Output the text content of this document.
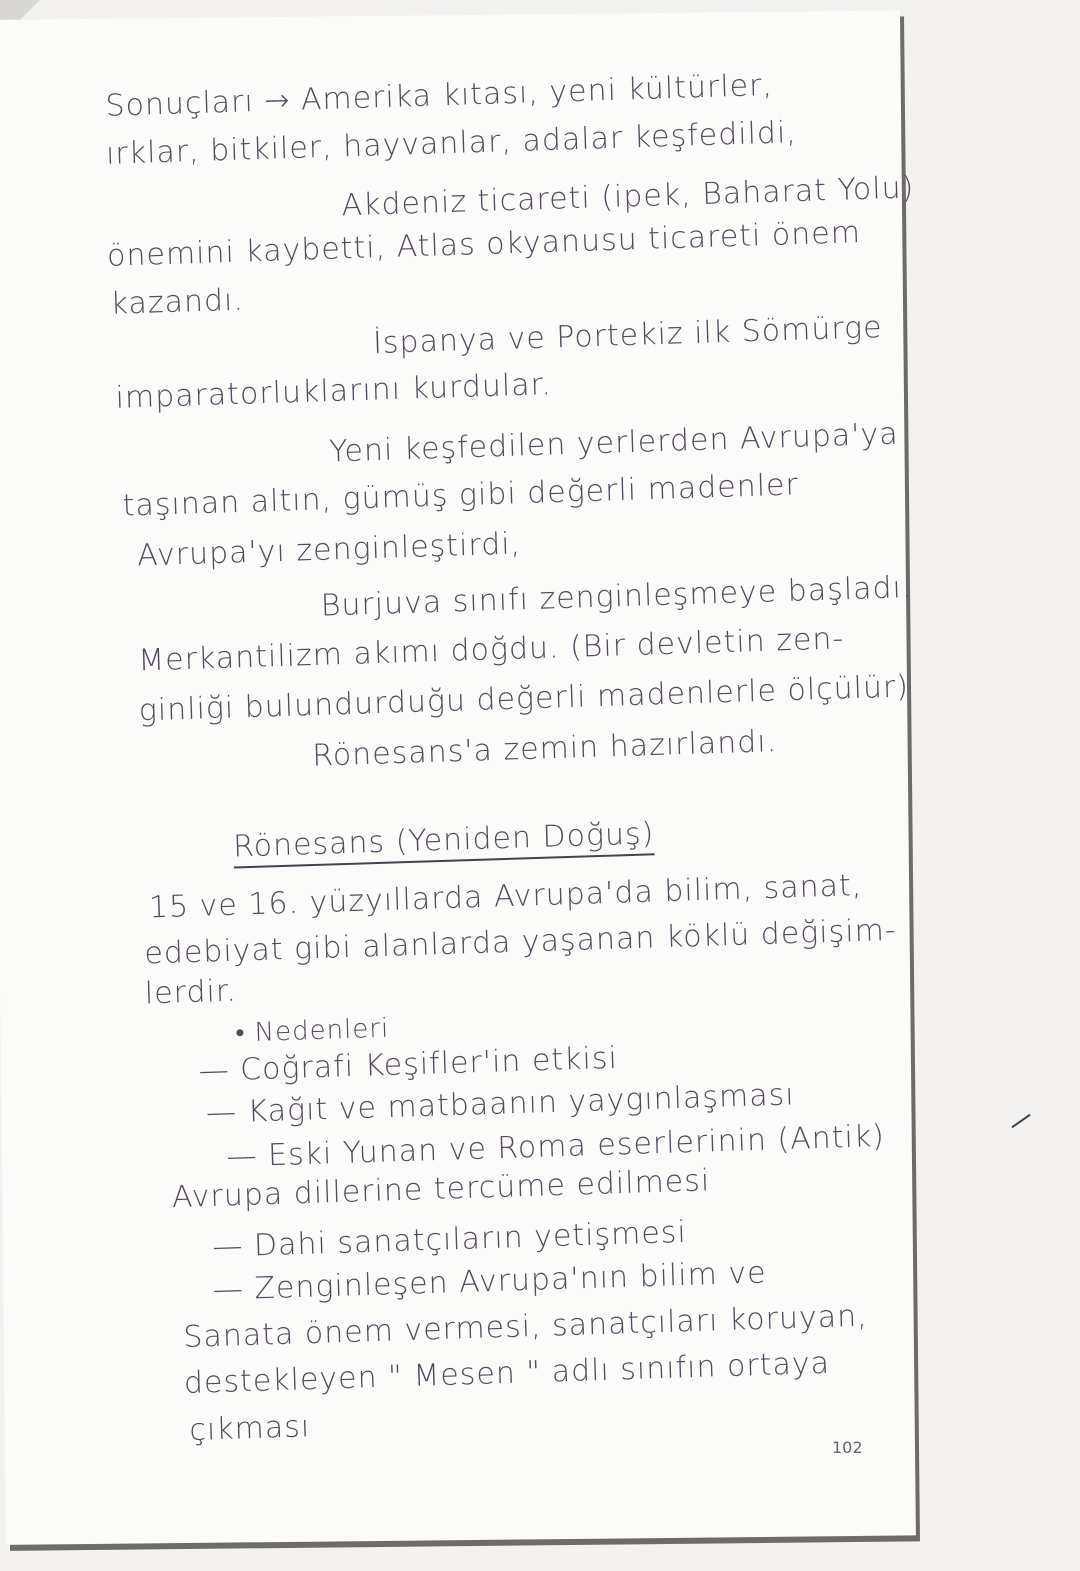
Sonuçları → Amerika kıtası, yeni kültürler,
ırklar, bitkiler, hayvanlar, adalar keşfedildi,
Akdeniz ticareti (ipek, Baharat Yolu)
önemini kaybetti, Atlas okyanusu ticareti önem
kazandı.
İspanya ve Portekiz ilk Sömürge
imparatorluklarını kurdular.
Yeni keşfedilen yerlerden Avrupa'ya
taşınan altın, gümüş gibi değerli madenler
Avrupa'yı zenginleştirdi,
Burjuva sınıfı zenginleşmeye başladı.
Merkantilizm akımı doğdu. (Bir devletin zen-
ginliği bulundurduğu değerli madenlerle ölçülür)
Rönesans'a zemin hazırlandı.
Rönesans (Yeniden Doğuş)
15 ve 16. yüzyıllarda Avrupa'da bilim, sanat,
edebiyat gibi alanlarda yaşanan köklü değişim-
lerdir.
• Nedenleri
— Coğrafi Keşifler'in etkisi
— Kağıt ve matbaanın yaygınlaşması
— Eski Yunan ve Roma eserlerinin (Antik)
Avrupa dillerine tercüme edilmesi
— Dahi sanatçıların yetişmesi
— Zenginleşen Avrupa'nın bilim ve
Sanata önem vermesi, sanatçıları koruyan,
destekleyen " Mesen " adlı sınıfın ortaya
çıkması	102
